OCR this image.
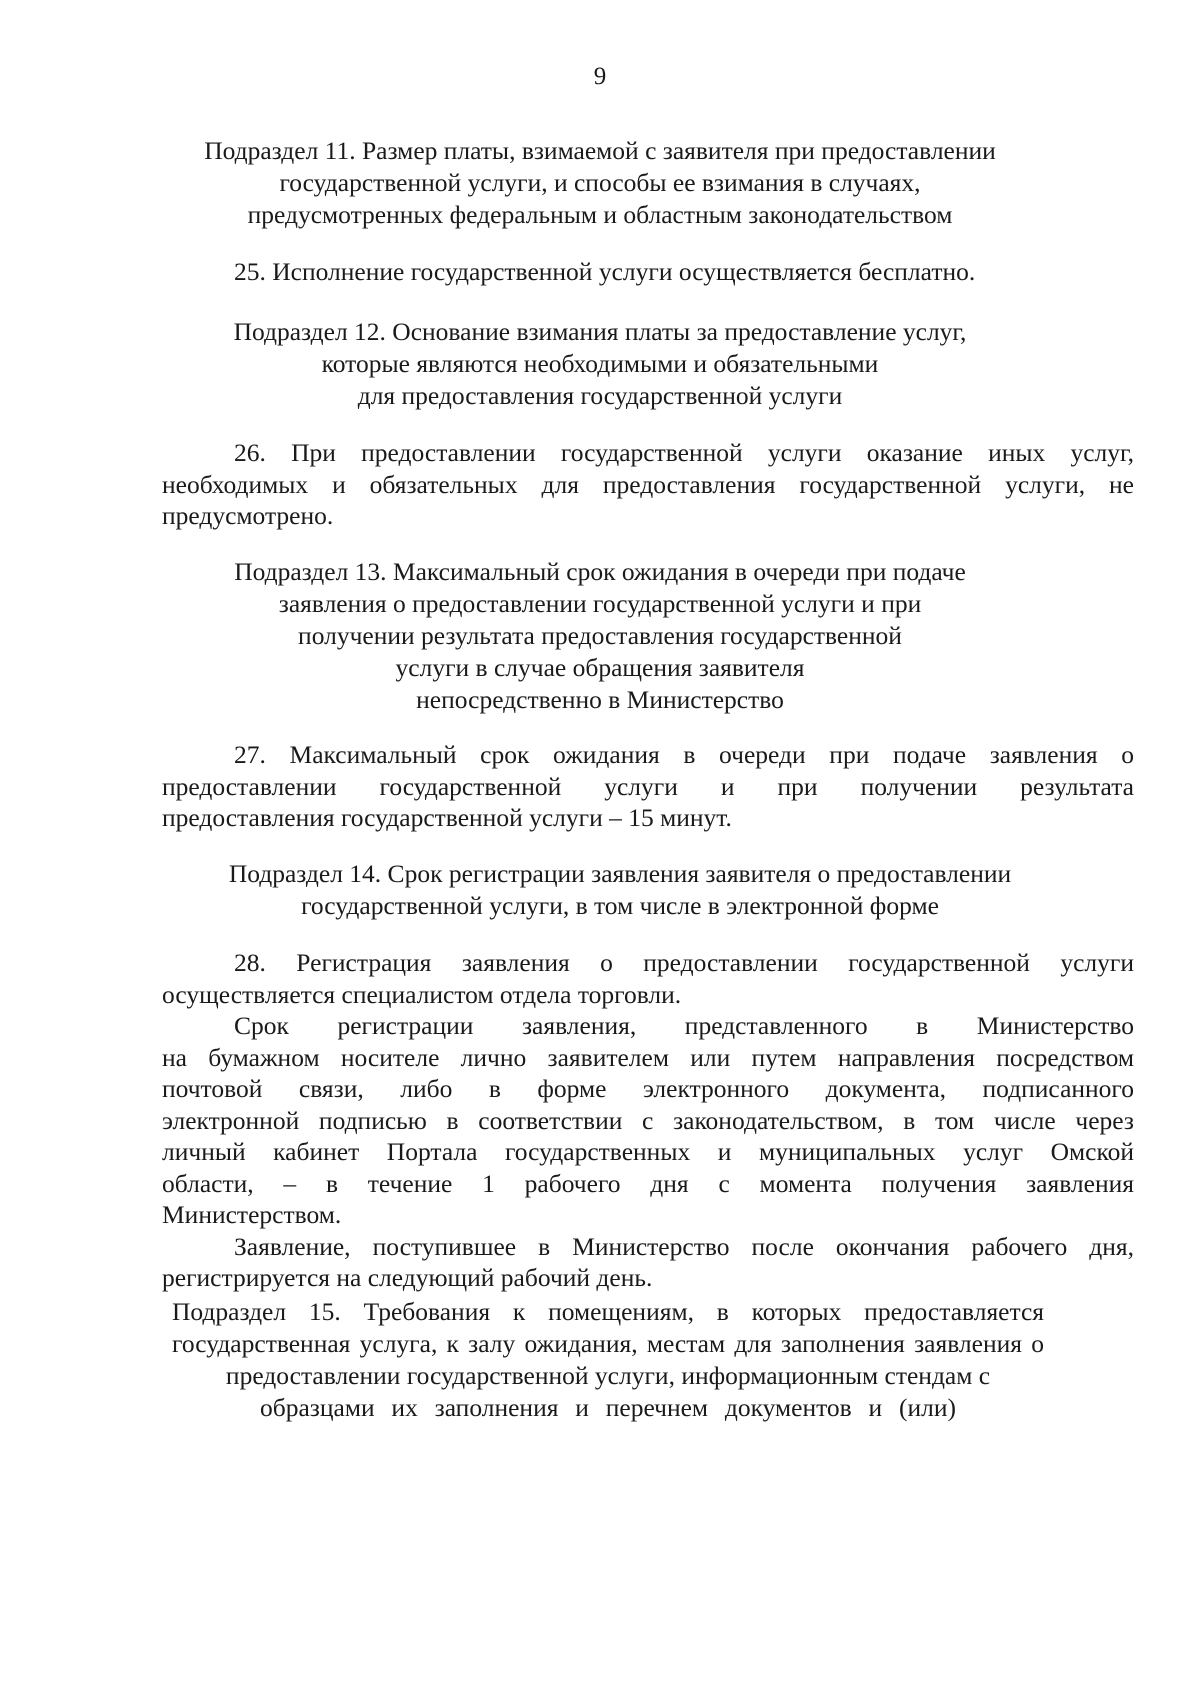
9
Подраздел 11. Размер платы, взимаемой с заявителя при предоставлении
государственной услуги, и способы ее взимания в случаях,
предусмотренных федеральным и областным законодательством
25. Исполнение государственной услуги осуществляется бесплатно.
Подраздел 12. Основание взимания платы за предоставление услуг,
которые являются необходимыми и обязательными
для предоставления государственной услуги
26. При предоставлении государственной услуги оказание иных услуг,
необходимых и обязательных для предоставления государственной услуги, не
предусмотрено.
Подраздел 13. Максимальный срок ожидания в очереди при подаче
заявления о предоставлении государственной услуги и при
получении результата предоставления государственной
услуги в случае обращения заявителя
непосредственно в Министерство
27. Максимальный срок ожидания в очереди при подаче заявления о
предоставлении государственной услуги и при получении результата
предоставления государственной услуги – 15 минут.
Подраздел 14. Срок регистрации заявления заявителя о предоставлении
государственной услуги, в том числе в электронной форме
28. Регистрация заявления о предоставлении государственной услуги
осуществляется специалистом отдела торговли.
Срок регистрации заявления, представленного в Министерство
на бумажном носителе лично заявителем или путем направления посредством
почтовой связи, либо в форме электронного документа, подписанного
электронной подписью в соответствии с законодательством, в том числе через
личный кабинет Портала государственных и муниципальных услуг Омской
области, – в течение 1 рабочего дня с момента получения заявления
Министерством.
Заявление, поступившее в Министерство после окончания рабочего дня,
регистрируется на следующий рабочий день.
Подраздел 15. Требования к помещениям, в которых предоставляется
государственная услуга, к залу ожидания, местам для заполнения заявления о
предоставлении государственной услуги, информационным стендам с
образцами их заполнения и перечнем документов и (или)
